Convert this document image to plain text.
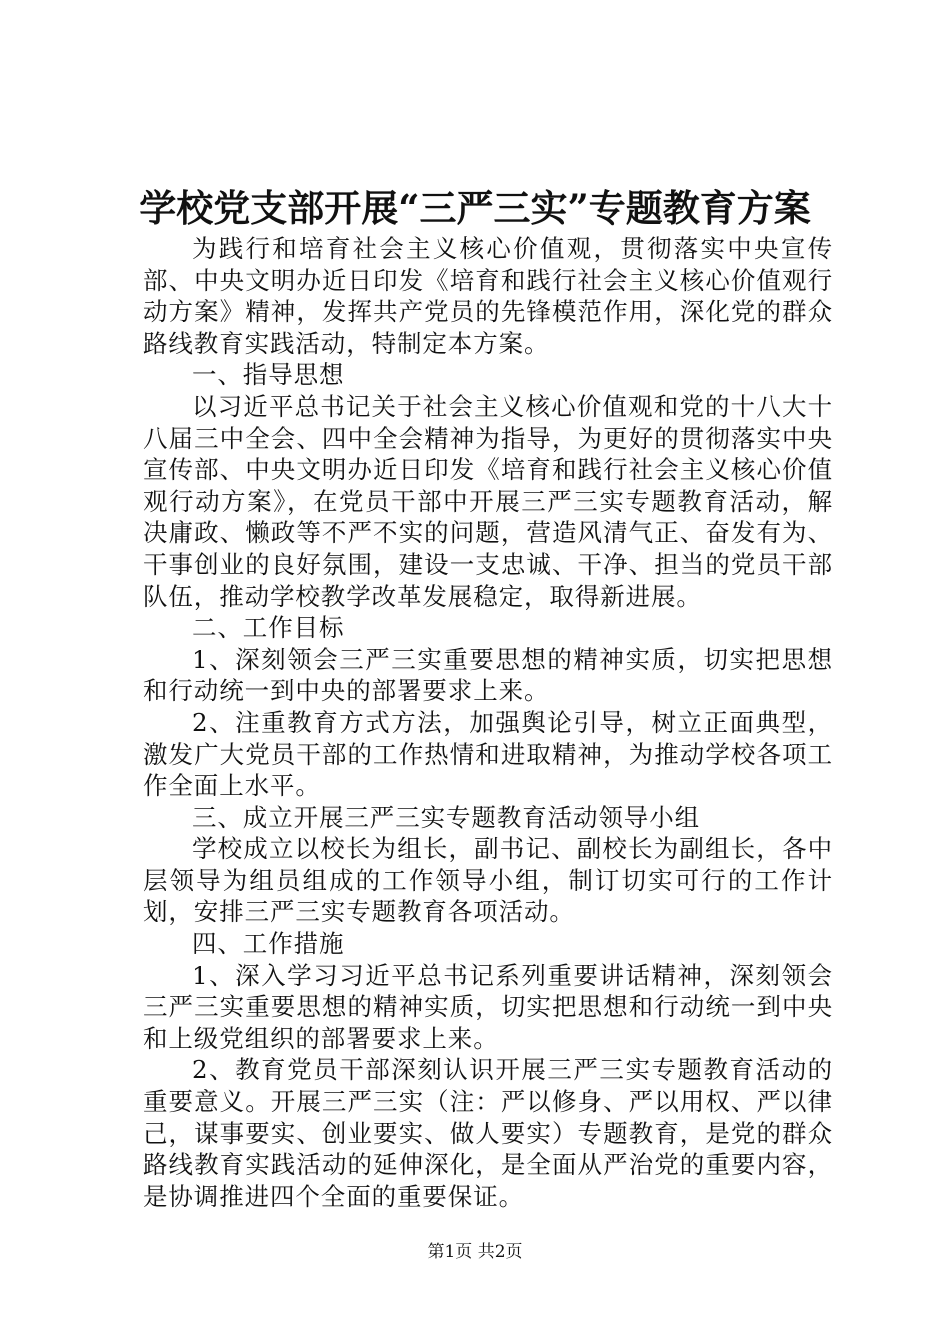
学校党支部开展“三严三实”专题教育方案

为践行和培育社会主义核心价值观，贯彻落实中央宣传部、中央文明办近日印发《培育和践行社会主义核心价值观行动方案》精神，发挥共产党员的先锋模范作用，深化党的群众路线教育实践活动，特制定本方案。

一、指导思想

以习近平总书记关于社会主义核心价值观和党的十八大十八届三中全会、四中全会精神为指导，为更好的贯彻落实中央宣传部、中央文明办近日印发《培育和践行社会主义核心价值观行动方案》，在党员干部中开展三严三实专题教育活动，解决庸政、懒政等不严不实的问题，营造风清气正、奋发有为、干事创业的良好氛围，建设一支忠诚、干净、担当的党员干部队伍，推动学校教学改革发展稳定，取得新进展。

二、工作目标

1、深刻领会三严三实重要思想的精神实质，切实把思想和行动统一到中央的部署要求上来。

2、注重教育方式方法，加强舆论引导，树立正面典型，激发广大党员干部的工作热情和进取精神，为推动学校各项工作全面上水平。

三、成立开展三严三实专题教育活动领导小组

学校成立以校长为组长，副书记、副校长为副组长，各中层领导为组员组成的工作领导小组，制订切实可行的工作计划，安排三严三实专题教育各项活动。

四、工作措施

1、深入学习习近平总书记系列重要讲话精神，深刻领会三严三实重要思想的精神实质，切实把思想和行动统一到中央和上级党组织的部署要求上来。

2、教育党员干部深刻认识开展三严三实专题教育活动的重要意义。开展三严三实（注：严以修身、严以用权、严以律己，谋事要实、创业要实、做人要实）专题教育，是党的群众路线教育实践活动的延伸深化，是全面从严治党的重要内容，是协调推进四个全面的重要保证。

第1页 共2页
